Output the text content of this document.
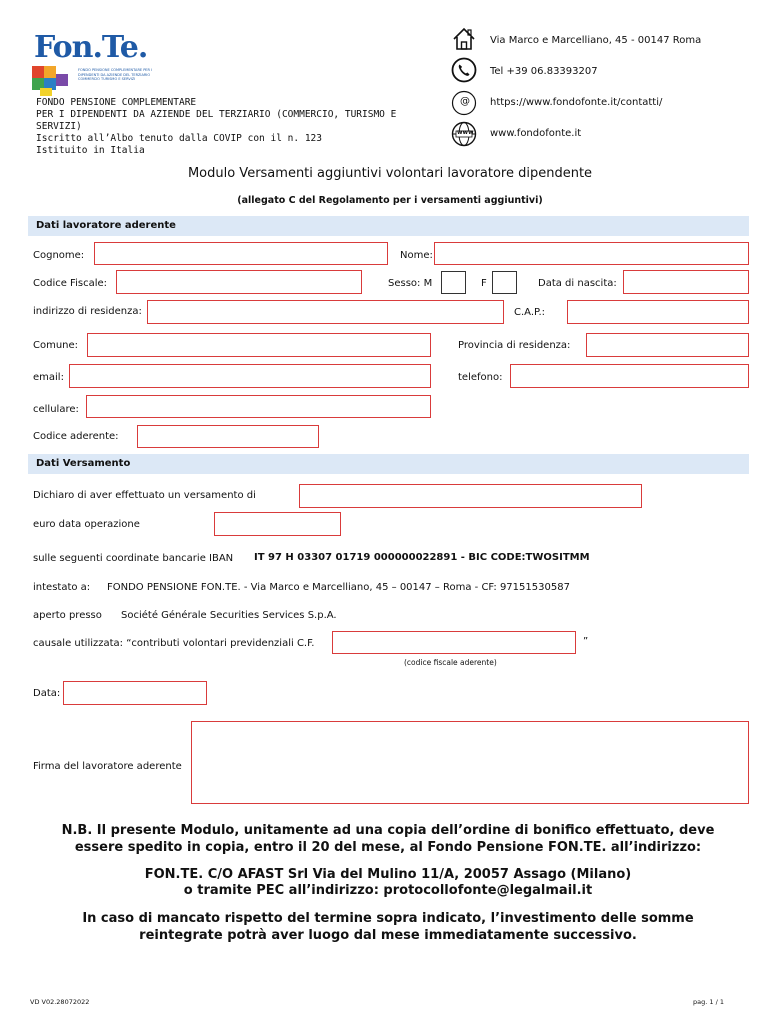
Fon.Te.
FONDO PENSIONE COMPLEMENTARE PER I DIPENDENTI DA AZIENDE DEL TERZIARIO COMMERCIO TURISMO E SERVIZI
FONDO PENSIONE COMPLEMENTARE
PER I DIPENDENTI DA AZIENDE DEL TERZIARIO (COMMERCIO, TURISMO E
SERVIZI)
Iscritto all’Albo tenuto dalla COVIP con il n. 123
Istituito in Italia
Via Marco e Marcelliano, 45 - 00147 Roma
Tel +39 06.83393207
@ https://www.fondofonte.it/contatti/
www www.fondofonte.it
Modulo Versamenti aggiuntivi volontari lavoratore dipendente
(allegato C del Regolamento per i versamenti aggiuntivi)
Dati lavoratore aderente
Cognome:	Nome:
Codice Fiscale:	Sesso: M	F	Data di nascita:
indirizzo di residenza:	C.A.P.:
Comune:	Provincia di residenza:
email:	telefono:
cellulare:
Codice aderente:
Dati Versamento
Dichiaro di aver effettuato un versamento di
euro data operazione
sulle seguenti coordinate bancarie IBAN IT 97 H 03307 01719 000000022891 - BIC CODE:TWOSITMM
intestato a: FONDO PENSIONE FON.TE. - Via Marco e Marcelliano, 45 – 00147 – Roma - CF: 97151530587
aperto presso Société Générale Securities Services S.p.A.
causale utilizzata: “contributi volontari previdenziali C.F.	”
(codice fiscale aderente)
Data:
Firma del lavoratore aderente
N.B. Il presente Modulo, unitamente ad una copia dell’ordine di bonifico effettuato, deve
essere spedito in copia, entro il 20 del mese, al Fondo Pensione FON.TE. all’indirizzo:
FON.TE. C/O AFAST Srl Via del Mulino 11/A, 20057 Assago (Milano)
o tramite PEC all’indirizzo: protocollofonte@legalmail.it
In caso di mancato rispetto del termine sopra indicato, l’investimento delle somme
reintegrate potrà aver luogo dal mese immediatamente successivo.
VD V02.28072022	pag. 1 / 1
